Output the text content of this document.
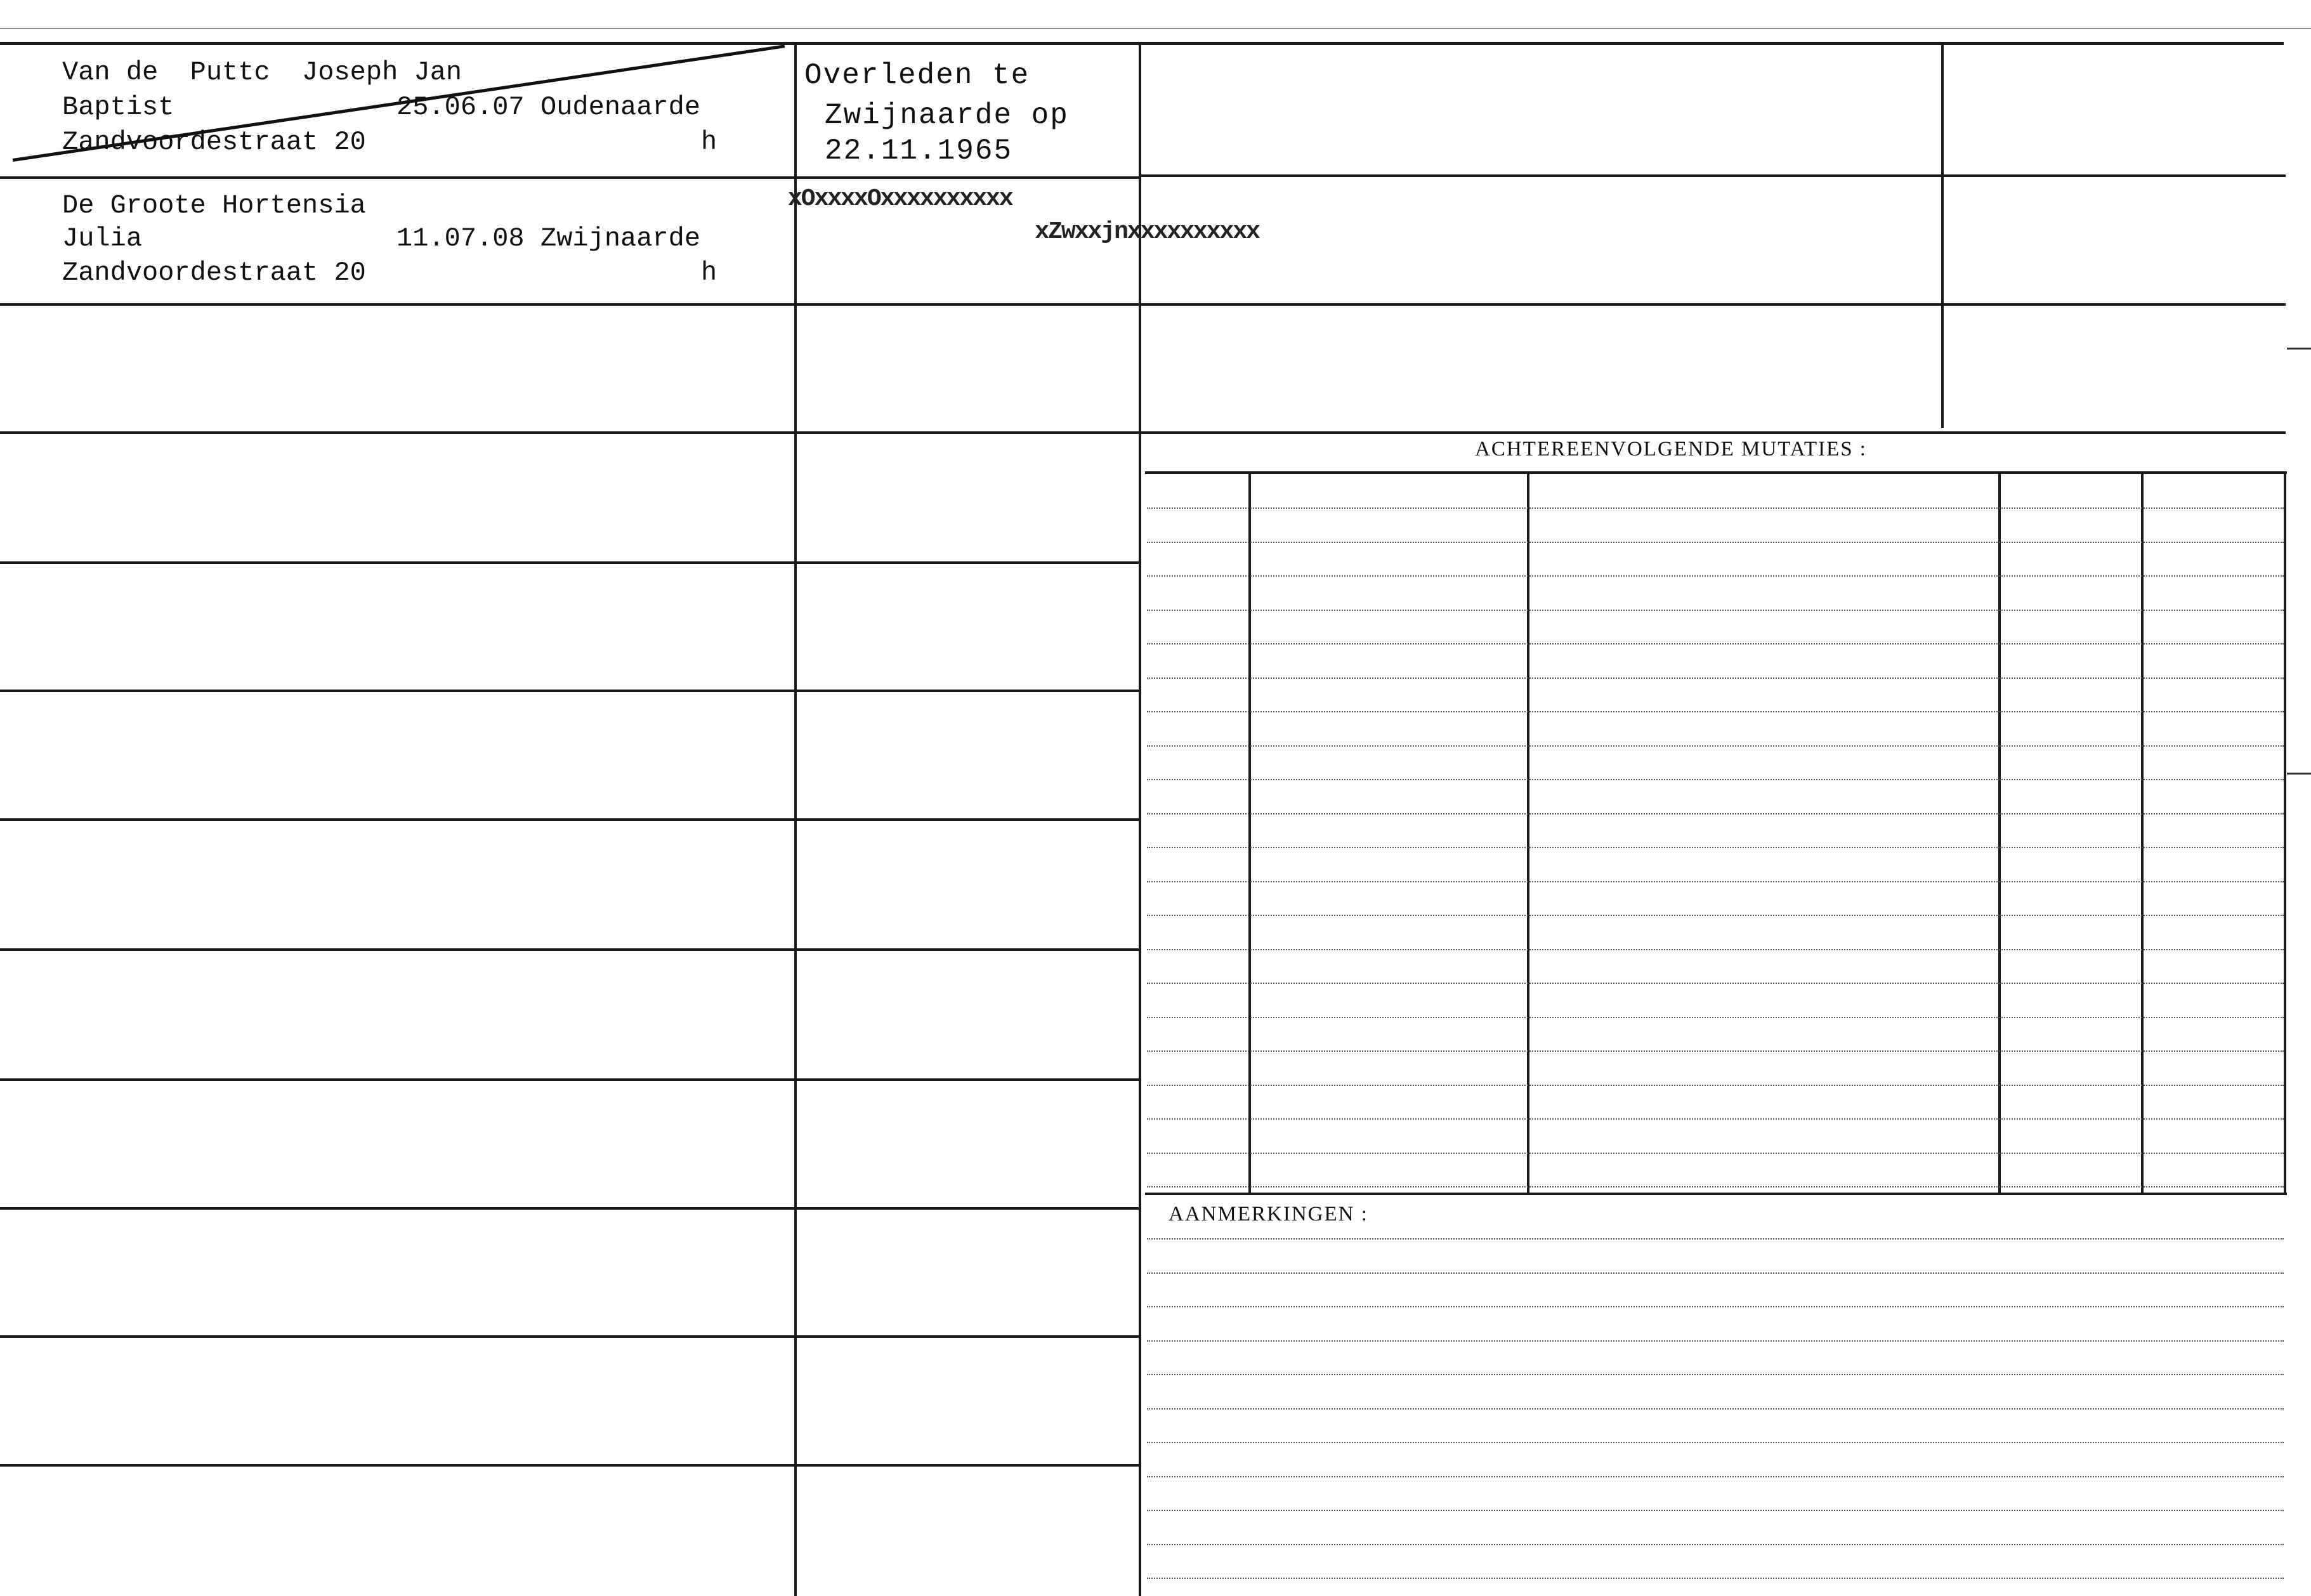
ACHTEREENVOLGENDE MUTATIES :
AANMERKINGEN :
Van de  Puttc  Joseph Jan
Baptist	25.06.07 Oudenaarde
Zandvoordestraat 20	h
Overleden te
Zwijnaarde op
22.11.1965
De Groote Hortensia
Julia	11.07.08 Zwijnaarde
Zandvoordestraat 20	h
xOxxxxOxxxxxxxxxx xZwxxjnxxxxxxxxxx
